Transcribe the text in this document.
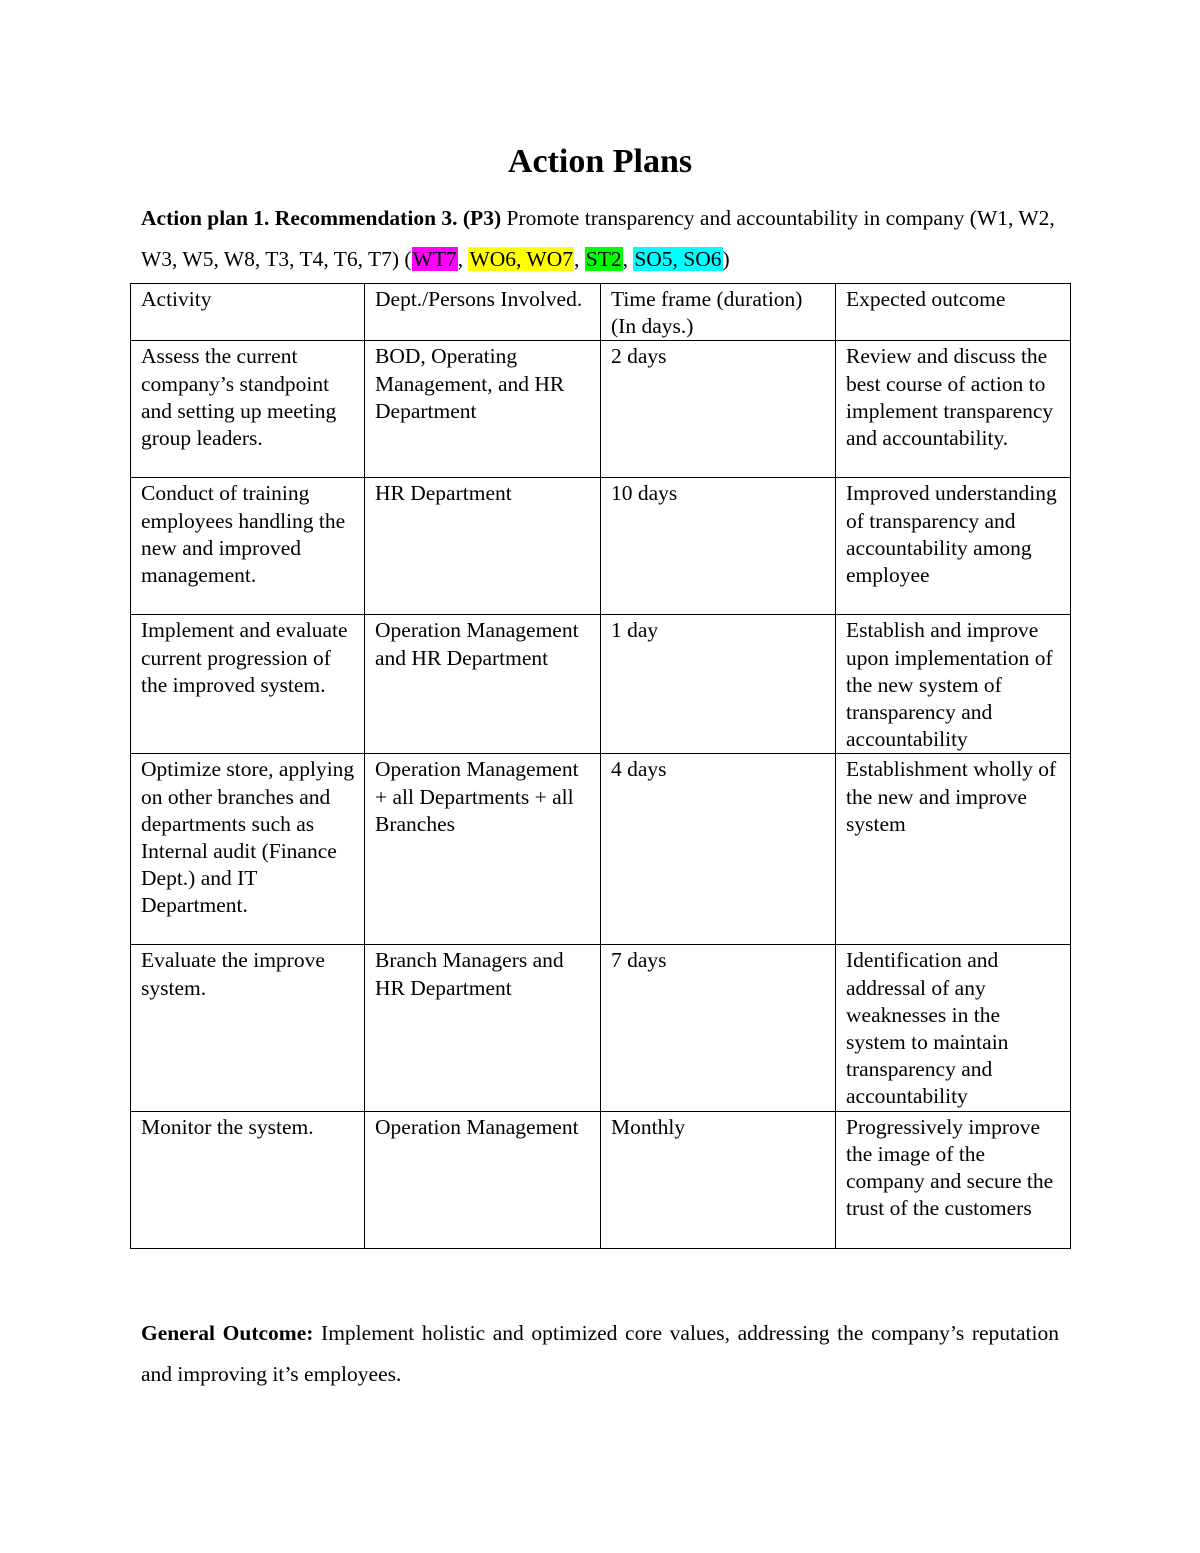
Action Plans
Action plan 1. Recommendation 3. (P3) Promote transparency and accountability in company (W1, W2, W3, W5, W8, T3, T4, T6, T7) (WT7, WO6, WO7, ST2, SO5, SO6)
Activity	Dept./Persons Involved.	Time frame (duration) (In days.)	Expected outcome
Assess the current company’s standpoint and setting up meeting group leaders.	BOD, Operating Management, and HR Department	2 days	Review and discuss the best course of action to implement transparency and accountability.
Conduct of training employees handling the new and improved management.	HR Department	10 days	Improved understanding of transparency and accountability among employee
Implement and evaluate current progression of the improved system.	Operation Management and HR Department	1 day	Establish and improve upon implementation of the new system of transparency and accountability
Optimize store, applying on other branches and departments such as Internal audit (Finance Dept.) and IT Department.	Operation Management + all Departments + all Branches	4 days	Establishment wholly of the new and improve system
Evaluate the improve system.	Branch Managers and HR Department	7 days	Identification and addressal of any weaknesses in the system to maintain transparency and accountability
Monitor the system.	Operation Management	Monthly	Progressively improve the image of the company and secure the trust of the customers
General Outcome: Implement holistic and optimized core values, addressing the company’s reputation and improving it’s employees.
